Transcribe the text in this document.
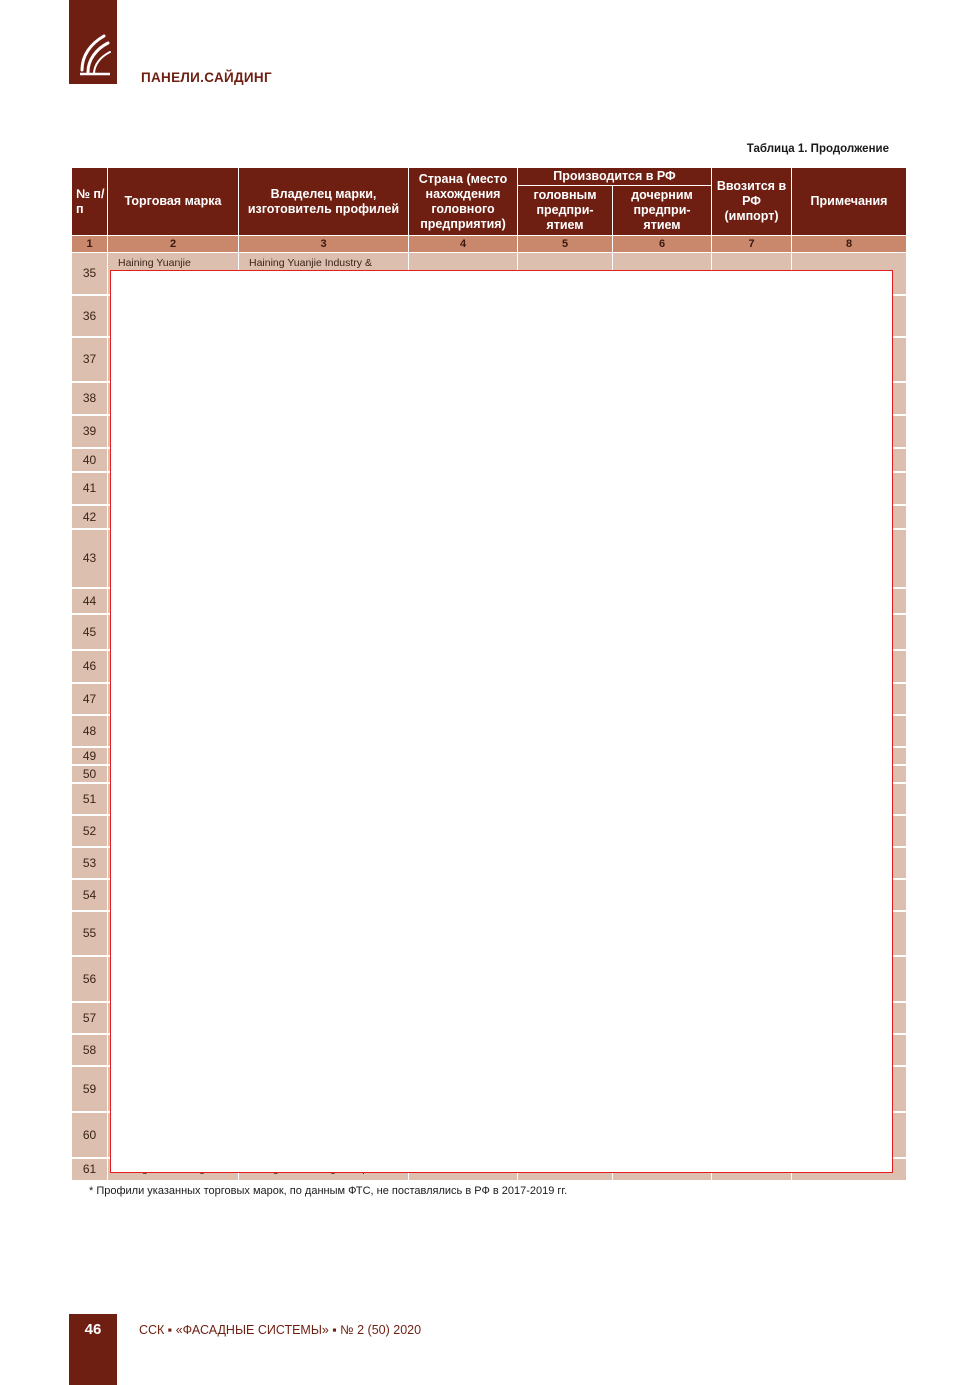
ПАНЕЛИ.САЙДИНГ
Таблица 1. Продолжение
№ п/п	Торговая марка	Владелец марки, изготовитель профилей	Страна (место нахождения головного предприятия)	Производится в РФ		Ввозится в РФ (импорт)	Примечания
				головным предпри-ятием	дочерним предпри-ятием		
1	2	3	4	5	6	7	8
35	Haining Yuanjie	Haining Yuanjie Industry &					
36							
37							
38							
39							
40							
41							
42							
43							
44							
45							
46							
47							
48							
49							
50							
51							
52							
53							
54							
55							
56							
57							
58							
59							
60							
61							
* Профили указанных торговых марок, по данным ФТС, не поставлялись в РФ в 2017-2019 гг.
46	ССК ▪ «ФАСАДНЫЕ СИСТЕМЫ» ▪ № 2 (50) 2020
